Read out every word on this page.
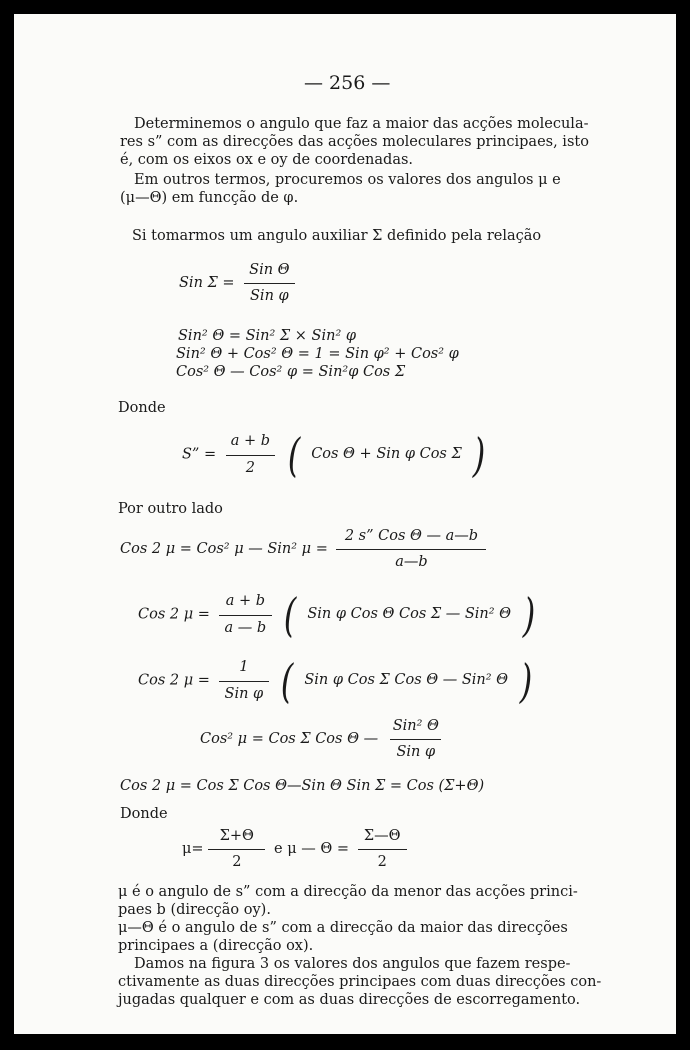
— 256 —
Determinemos o angulo que faz a maior das acções molecula-
res s” com as direcções das acções moleculares principaes, isto
é, com os eixos ox e oy de coordenadas.
Em outros termos, procuremos os valores dos angulos μ e
(μ—Θ) em funcção de φ.
Si tomarmos um angulo auxiliar Σ definido pela relação
Sin $\Sigma = \frac{\text{Sin Θ}}{\text{Sin φ}}$
Sin² Θ = Sin² Σ × Sin² φ
Sin² Θ + Cos² Θ = 1 = Sin φ² + Cos² φ
Cos² Θ — Cos² φ = Sin²φ Cos Σ
Donde
S” = $\frac{a + b}{2}$ ( Cos Θ + Sin φ Cos Σ )
Por outro lado
Cos 2 μ = Cos² μ — Sin² $\mu = \frac{\text{2 s” Cos Θ — a—b}}{a—b}$
Cos 2 $\mu = \frac{a + b}{a — b}$ ( Sin φ Cos Θ Cos Σ — Sin² Θ )
Cos 2 $\mu = \frac{1}{\text{Sin φ}}$ ( Sin φ Cos Σ Cos Θ — Sin² Θ )
Cos² μ = Cos Σ Cos Θ — $\frac{\text{Sin² Θ}}{\text{Sin φ}}$
Cos 2 μ = Cos Σ Cos Θ—Sin Θ Sin Σ = Cos (Σ+Θ)
Donde
$\mu= \frac{\Sigma+\Theta}{2}$ e μ — $\Theta = \frac{\Sigma—\Theta}{2}$
μ é o angulo de s” com a direcção da menor das acções princi-
paes b (direcção oy).
μ—Θ é o angulo de s” com a direcção da maior das direcções
principaes a (direcção ox).
Damos na figura 3 os valores dos angulos que fazem respe-
ctivamente as duas direcções principaes com duas direcções con-
jugadas qualquer e com as duas direcções de escorregamento.
